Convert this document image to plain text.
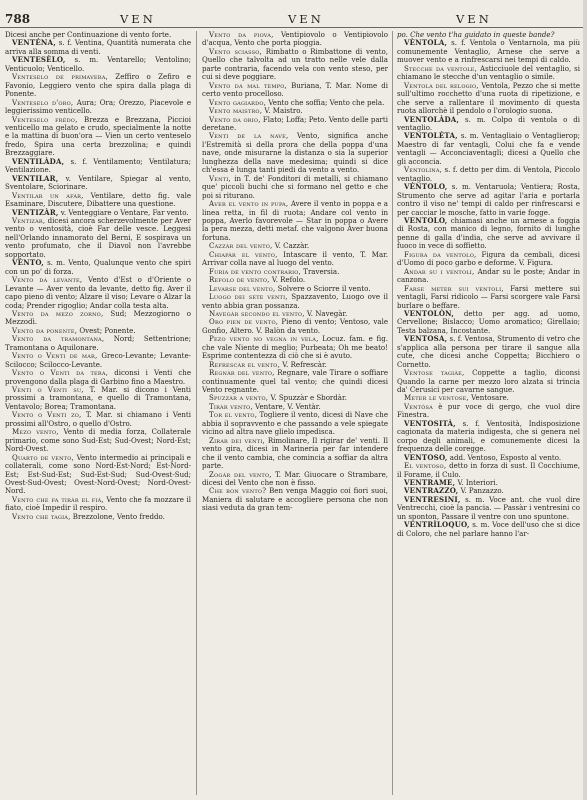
788	VEN	VEN	VEN

Dicesi anche per Continuazione di vento forte.

VENTÉNA, s. f. Ventina, Quantità numerata che arriva alla somma di venti.

VENTESÈLO, s. m. Ventarello; Ventolino; Venticuolo; Venticello.

Venteselo de primavera, Zeffiro o Zefiro e Favonio, Leggiero vento che spira dalla plaga di Ponente.

Venteselo d'oro, Aura; Ora; Orezzo, Piacevole e leggierissimo venticello.

Venteselo frèdo, Brezza e Brezzana, Piccioi venticello ma gelato e crudo, specialmente la notte e la mattina di buon'ora — Vien un certo venteselo fredo, Spira una certa brezzolina; e quindi Brezzaggiare.

VENTILÀDA, s. f. Ventilamento; Ventilatura; Ventilazione.

VENTILAR, v. Ventilare, Spiegar al vento, Sventolare, Sciorinare.

Ventilar un afàr, Ventilare, detto fig. vale Esaminare, Discutere, Dibattere una questione.

VENTIZÀR, v. Venteggiare o Ventare, Far vento.

Ventizàr, dicesi ancora scherzevolmente per Aver vento o ventosità, cioè Far delle vesce. Leggesi nell'Orlando innamorato del Berni, E sospirava un vento profumato, che il Diavol non l'avrebbe sopportato.

VÈNTO, s. m. Vento, Qualunque vento che spiri con un po' di forza.

Vento da levante, Vento d'Est o d'Oriente o Levante — Aver vento da levante, detto fig. Aver il capo pieno di vento; Alzare il viso; Levare o Alzar la coda; Prender rigoglio; Andar colla testa alta.

Vento da mezo zorno, Sud; Mezzogiorno o Mezzodì.

Vento da ponente, Ovest; Ponente.

Vento da tramontana, Nord; Settentrione; Tramontana o Aquilonare.

Vento o Venti de mar, Greco-Levante; Levante-Scilocco; Scilocco-Levante.

Vento o Venti da tera, diconsi i Venti che provengono dalla plaga di Garbino fino a Maestro.

Venti o Venti su, T. Mar. si dicono i Venti prossimi a tramontana, e quello di Tramontana, Ventavolo; Borea; Tramontana.

Vento o Venti zo, T. Mar. si chiamano i Venti prossimi all'Ostro, o quello d'Ostro.

Mezo vento, Vento di media forza, Collaterale primario, come sono Sud-Est; Sud-Ovest; Nord-Est; Nord-Ovest.

Quarto de vento, Vento intermedio ai principali e collaterali, come sono Nord-Est-Nord; Est-Nord-Est; Est-Sud-Est; Sud-Est-Sud; Sud-Ovest-Sud; Ovest-Sud-Ovest; Ovest-Nord-Ovest; Nord-Ovest-Nord.

Vento che fa tiràr el fià, Vento che fa mozzare il fiato, cioè Impedir il respiro.

Vento che tagia, Brezzolone, Vento freddo.

Vento da piova, Ventipiovolo o Ventipiovolo d'acqua, Vento che porta pioggia.

Vento sciasso, Rimbatto o Rimbattone di vento, Quello che talvolta ad un tratto nelle vele dalla parte contraria, facendo vela con vento steso, per cui si deve poggiare.

Vento da mal tempo, Buriana, T. Mar. Nome di certo vento procelloso.

Vento gagiardo, Vento che soffia; Vento che pela.

Vento maistro, V. Maistro.

Vento da orio, Flato; Loffa; Peto. Vento delle parti deretane.

Venti de la nave, Vento, significa anche l'Estremità si della prora che della poppa d'una nave, onde misurarne la distanza o sia la superior lunghezza della nave medesima; quindi si dice ch'essa è lunga tanti piedi da vento a vento.

Venti, in T. de' Fonditori di metalli, si chiamano que' piccoli buchi che si formano nel getto e che poi si riturano.

Aver el vento in pupa, Avere il vento in poppa e a linea retta, in fil di ruota; Andare col vento in poppa, Averlo favorevole — Star in poppa o Avere la pera mezza, detti metaf. che valgono Aver buona fortuna.

Cazzàr del vento, V. Cazzàr.

Chiapàr el vento, Intascare il vento, T. Mar. Arrivar colla nave al luogo del vento.

Furia de vento contrario, Traversia.

Refolo de vento, V. Refolo.

Levarse del vento, Solvere o Sciorre il vento.

Luogo dei sete venti, Spazzavento, Luogo ove il vento abbia gran possanza.

Navegàr secondo el vento, V. Navegàr.

Oro pien de vento, Pieno di vento; Ventoso, vale Gonfio, Altero. V. Balòn da vento.

Pezo vento no vegna in vela, Locuz. fam. e fig. che vale Niente di meglio; Purbeata; Oh me beato! Esprime contentezza di ciò che si è avuto.

Refrescàr el vento, V. Refrescàr.

Regnàr del vento, Regnare, vale Tirare o soffiare continuamente quel tal vento; che quindi dicesi Vento regnante.

Spuzzàr a vento, V. Spuzzàr e Sbordàr.

Tiràr vento, Ventare, V. Ventàr.

Tor el vento, Togliere il vento, dicesi di Nave che abbia il sopravvento e che passando a vele spiegate vicino ad altra nave glielo impedisca.

Zirar dei venti, Rimolinare, Il rigirar de' venti. Il vento gira, dicesi in Marineria per far intendere che il vento cambia, che comincia a soffiar da altra parte.

Zogàr del vento, T. Mar. Giuocare o Strambare, dicesi del Vento che non è fisso.

Che bon vento? Ben venga Maggio coi fiori suoi, Maniera di salutare e accogliere persona che non siasi veduta da gran tem-

po. Che vento t'ha guidato in queste bande?

VÈNTOLA, s. f. Ventola o Ventarnola, ma più comunemente Ventaglio, Arnese che serve a muover vento e a rinfrescarsi nei tempi di caldo.

Stecche da ventole, Asticciuole del ventaglio, si chiamano le stecche d'un ventaglio o simile.

Ventola del relogio, Ventola, Pezzo che si mette sull'ultimo rocchetto d'una ruota di ripetizione, e che serve a rallentare il movimento di questa ruota allorchè il pendolo o l'orologio suona.

VENTOLÀDA, s. m. Colpo di ventola o di ventaglio.

VENTOLÉTA, s. m. Ventagliaio o Ventaglierop; Maestro di far ventagli, Colui che fa e vende ventagli — Acconciaventagli; dicesi a Quello che gli acconcia.

Ventolina, s. f. detto per dim. di Ventola, Piccolo ventaglio.

VÉNTOLO, s. m. Ventaruola; Ventiera; Rosta, Strumento che serve ad agitar l'aria e portarla contro il viso ne' tempi di caldo per rinfrescarsi e per cacciar le mosche, fatto in varie fogge.

VENTOLO, chiamasi anche un arnese a foggia di Rosta, con manico di legno, fornito di lunghe penne di galla d'india, che serve ad avvivare il fuoco in vece di soffietto.

Figura da ventolo, Figura da cembali, dicesi d'Uomo di poco garbo e deforme. V. Figura.

Andar su i ventoli, Andar su le poste; Andar in canzona.

Farse meter sui ventoli, Farsi mettere sui ventagli, Farsi ridicolo — Farsi scorgere vale Farsi burlare o beffare.

VENTOLÒN, detto per agg. ad uomo, Cervellone; Bislacco; Uomo aromatico; Girellaio; Testa balzana, Incostante.

VENTOSA, s. f. Ventosa, Strumento di vetro che s'applica alla persona per tirare il sangue alla cute, che dicesi anche Coppetta; Bicchiero o Cornetto.

Ventose tagiàe, Coppette a taglio, diconsi Quando la carne per mezzo loro alzata si trincia da' Cerusici per cavarne sangue.

Meter le ventose, Ventosare.

Ventòsa è pur voce di gergo, che vuol dire Finestra.

VENTOSITÀ, s. f. Ventosità, Indisposizione cagionata da materia indigesta, che si genera nel corpo degli animali, e comunemente dicesi la frequenza delle coregge.

VENTOSO, add. Ventoso, Esposto al vento.

El ventoso, detto in forza di sust. Il Cocchiume, il Forame, il Culo.

VENTRAME, V. Interiori.

VENTRAZZO, V. Panzazzo.

VENTRESINI, s. m. Voce ant. che vuol dire Ventrecchi, cioè la pancia. — Passàr i ventresini co un sponton, Passare il ventre con uno spuntone.

VENTRÌLOQUO, s. m. Voce dell'uso che si dice di Coloro, che nel parlare hanno l'ar-
